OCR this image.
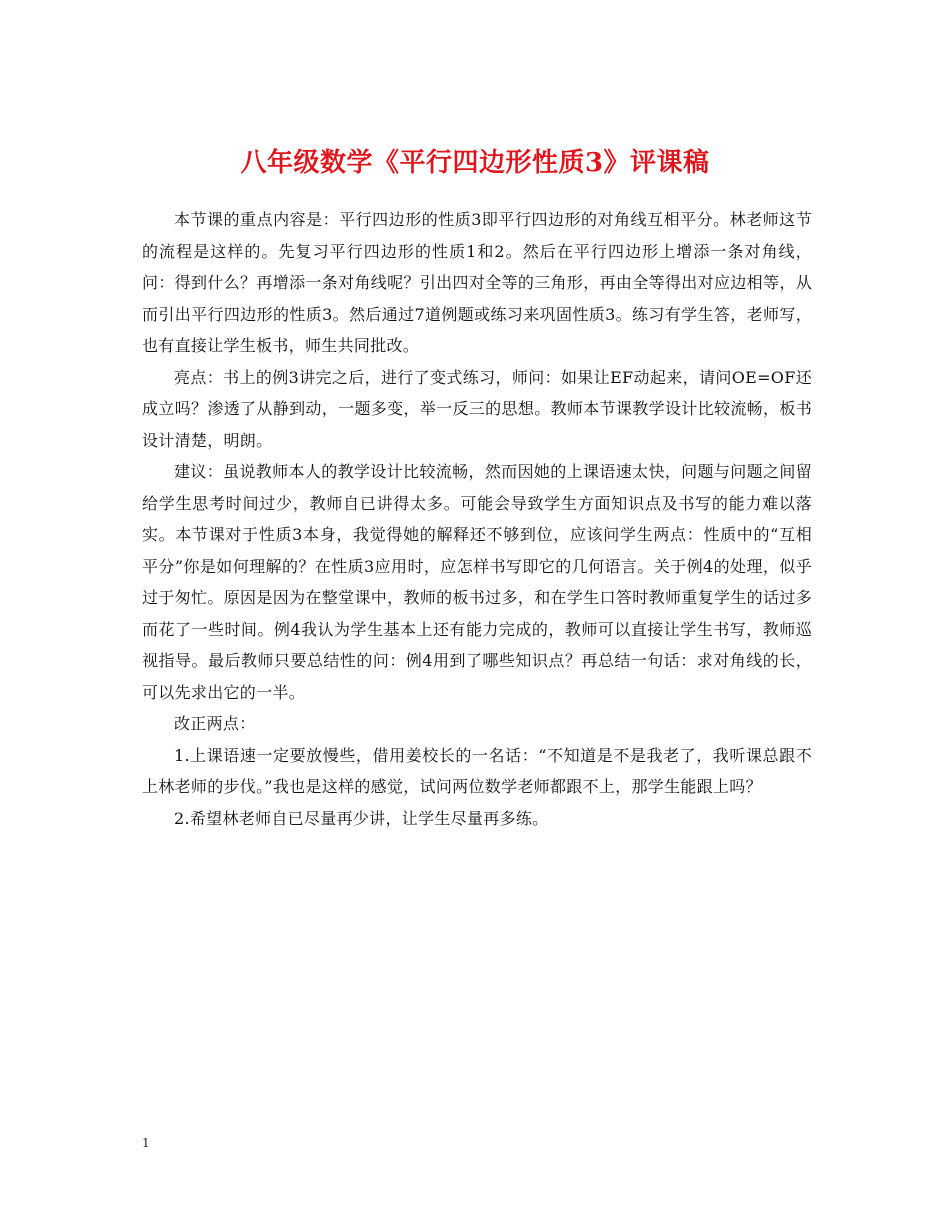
八年级数学《平行四边形性质3》评课稿

本节课的重点内容是：平行四边形的性质3即平行四边形的对角线互相平分。林老师这节的流程是这样的。先复习平行四边形的性质1和2。然后在平行四边形上增添一条对角线，问：得到什么？再增添一条对角线呢？引出四对全等的三角形，再由全等得出对应边相等，从而引出平行四边形的性质3。然后通过7道例题或练习来巩固性质3。练习有学生答，老师写，也有直接让学生板书，师生共同批改。

亮点：书上的例3讲完之后，进行了变式练习，师问：如果让EF动起来，请问OE=OF还成立吗？渗透了从静到动，一题多变，举一反三的思想。教师本节课教学设计比较流畅，板书设计清楚，明朗。

建议：虽说教师本人的教学设计比较流畅，然而因她的上课语速太快，问题与问题之间留给学生思考时间过少，教师自已讲得太多。可能会导致学生方面知识点及书写的能力难以落实。本节课对于性质3本身，我觉得她的解释还不够到位，应该问学生两点：性质中的“互相平分”你是如何理解的？在性质3应用时，应怎样书写即它的几何语言。关于例4的处理，似乎过于匆忙。原因是因为在整堂课中，教师的板书过多，和在学生口答时教师重复学生的话过多而花了一些时间。例4我认为学生基本上还有能力完成的，教师可以直接让学生书写，教师巡视指导。最后教师只要总结性的问：例4用到了哪些知识点？再总结一句话：求对角线的长，可以先求出它的一半。

改正两点：

1.上课语速一定要放慢些，借用姜校长的一名话：“不知道是不是我老了，我听课总跟不上林老师的步伐。”我也是这样的感觉，试问两位数学老师都跟不上，那学生能跟上吗？

2.希望林老师自已尽量再少讲，让学生尽量再多练。

1
